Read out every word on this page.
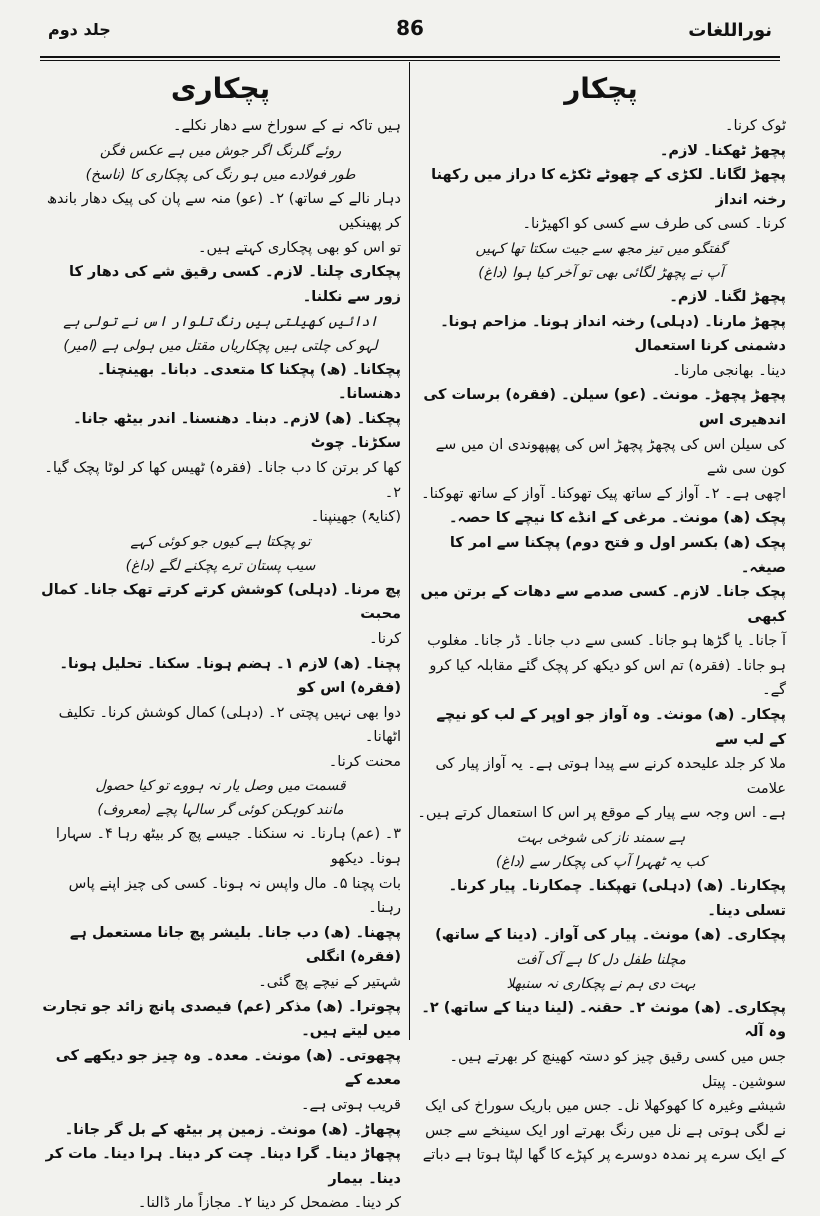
جلد دوم	86	نوراللغات
پچکار
ٹوک کرنا۔
پچھڑ ٹھکنا۔ لازم۔
پچھڑ لگانا۔ لکڑی کے چھوٹے ٹکڑے کا دراز میں رکھنا رخنہ انداز
کرنا۔ کسی کی طرف سے کسی کو اکھیڑنا۔
گفتگو میں تیز مجھ سے جیت سکتا تھا کہیں
آپ نے پچھڑ لگائی بھی تو آخر کیا ہوا (داغ)
پچھڑ لگنا۔ لازم۔
پچھڑ مارنا۔ (دہلی) رخنہ انداز ہونا۔ مزاحم ہونا۔ دشمنی کرنا استعمال
دینا۔ بھانجی مارنا۔
پچھڑ پچھڑ۔ مونث۔ (عو) سیلن۔ (فقرہ) برسات کی اندھیری اس
کی سیلن اس کی پچھڑ پچھڑ اس کی پھپھوندی ان میں سے کون سی شے
اچھی ہے۔ ۲۔ آواز کے ساتھ پیک تھوکنا۔ آواز کے ساتھ تھوکنا۔
پچک (ھ) مونث۔ مرغی کے انڈے کا نیچے کا حصہ۔
پچک (ھ) بکسر اول و فتح دوم) پچکنا سے امر کا صیغہ۔
پچک جانا۔ لازم۔ کسی صدمے سے دھات کے برتن میں کبھی
آ جانا۔ یا گڑھا ہو جانا۔ کسی سے دب جانا۔ ڈر جانا۔ مغلوب
ہو جانا۔ (فقرہ) تم اس کو دیکھ کر پچک گئے مقابلہ کیا کرو گے۔
پچکار۔ (ھ) مونث۔ وہ آواز جو اوپر کے لب کو نیچے کے لب سے
ملا کر جلد علیحدہ کرنے سے پیدا ہوتی ہے۔ یہ آواز پیار کی علامت
ہے۔ اس وجہ سے پیار کے موقع پر اس کا استعمال کرتے ہیں۔
ہے سمند ناز کی شوخی بہت
کب یہ ٹھہرا آپ کی پچکار سے (داغ)
پچکارنا۔ (ھ) (دہلی) تھپکنا۔ چمکارنا۔ پیار کرنا۔ تسلی دینا۔
پچکاری۔ (ھ) مونث۔ پیار کی آواز۔ (دینا کے ساتھ)
مچلنا طفل دل کا ہے آک آفت
بہت دی ہم نے پچکاری نہ سنبھلا
پچکاری۔ (ھ) مونث ۲۔ حقنہ۔ (لینا دینا کے ساتھ) ۲۔ وہ آلہ
جس میں کسی رقیق چیز کو دستہ کھینچ کر بھرتے ہیں۔ سوشین۔ پیتل
شیشے وغیرہ کا کھوکھلا نل۔ جس میں باریک سوراخ کی ایک
نے لگی ہوتی ہے نل میں رنگ بھرتے اور ایک سینخے سے جس
کے ایک سرے پر نمدہ دوسرے پر کپڑے کا گھا لپٹا ہوتا ہے دباتے
پچکاری
ہیں تاکہ نے کے سوراخ سے دھار نکلے۔
روئے گلرنگ اگر جوش میں ہے عکس فگن
طور فولادے میں ہو رنگ کی پچکاری کا (ناسخ)
دہار نالے کے ساتھ) ۲۔ (عو) منہ سے پان کی پیک دھار باندھ کر پھینکیں
تو اس کو بھی پچکاری کہتے ہیں۔
پچکاری چلنا۔ لازم۔ کسی رقیق شے کی دھار کا زور سے نکلنا۔
ادائیں کھیلتی ہیں رنگ تلوار اس نے تولی ہے
لہو کی چلتی ہیں پچکاریاں مقتل میں ہولی ہے (امیر)
پچکانا۔ (ھ) پچکنا کا متعدی۔ دبانا۔ بھینچنا۔ دھنسانا۔
پچکنا۔ (ھ) لازم۔ دبنا۔ دھنسنا۔ اندر بیٹھ جانا۔ سکڑنا۔ چوٹ
کھا کر برتن کا دب جانا۔ (فقرہ) ٹھیس کھا کر لوٹا پچک گیا۔ ۲۔
(کنایۃً) جھینپنا۔
تو پچکتا ہے کیوں جو کوئی کہے
سیب پستان ترے پچکنے لگے (داغ)
پچ مرنا۔ (دہلی) کوشش کرتے کرتے تھک جانا۔ کمال محبت
کرنا۔
پچنا۔ (ھ) لازم ۱۔ ہضم ہونا۔ سکنا۔ تحلیل ہونا۔ (فقرہ) اس کو
دوا بھی نہیں پچتی ۲۔ (دہلی) کمال کوشش کرنا۔ تکلیف اٹھانا۔
محنت کرنا۔
قسمت میں وصل یار نہ ہووے تو کیا حصول
مانند کوہکن کوئی گر سالہا پچے (معروف)
۳۔ (عم) ہارنا۔ نہ سنکنا۔ جیسے پچ کر بیٹھ رہا ۴۔ سہارا ہونا۔ دیکھو
بات پچنا ۵۔ مال واپس نہ ہونا۔ کسی کی چیز اپنے پاس رہنا۔
پچھنا۔ (ھ) دب جانا۔ بلیشر پچ جانا مستعمل ہے (فقرہ) انگلی
شہتیر کے نیچے پچ گئی۔
پچوترا۔ (ھ) مذکر (عم) فیصدی پانچ زائد جو تجارت میں لیتے ہیں۔
پچھوتی۔ (ھ) مونث۔ معدہ۔ وہ چیز جو دیکھے کی معدے کے
قریب ہوتی ہے۔
پچھاڑ۔ (ھ) مونث۔ زمین پر بیٹھ کے بل گر جانا۔
پچھاڑ دینا۔ گرا دینا۔ چت کر دینا۔ ہرا دینا۔ مات کر دینا۔ بیمار
کر دینا۔ مضمحل کر دینا ۲۔ مجازاً مار ڈالنا۔
